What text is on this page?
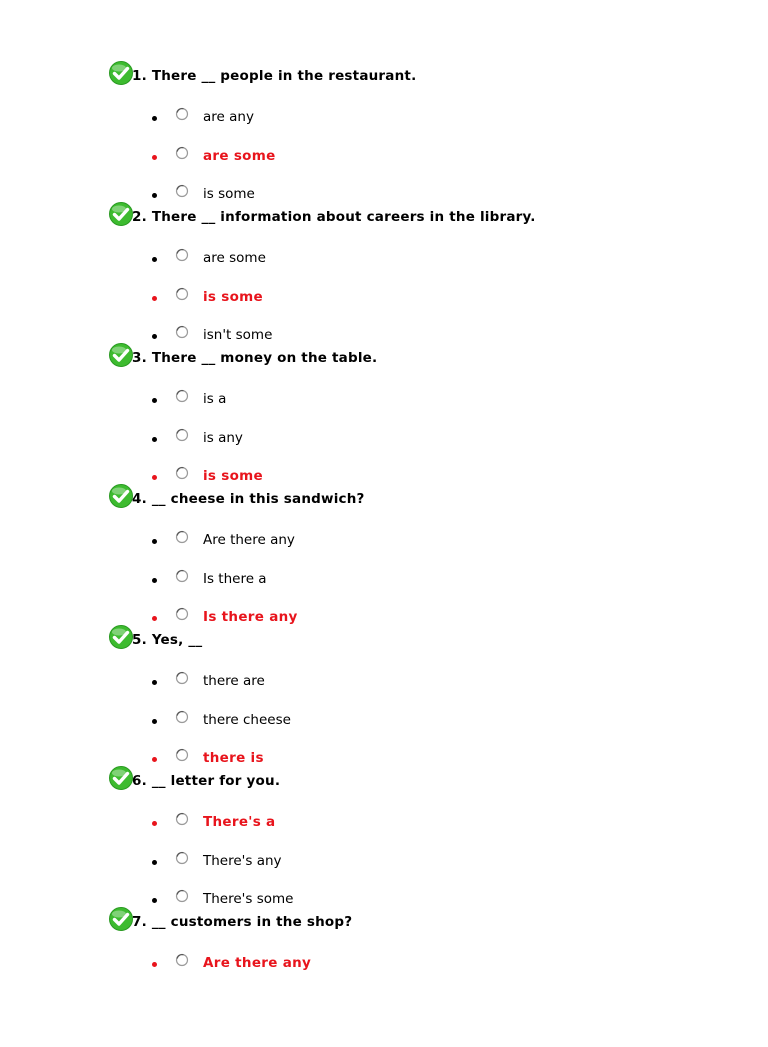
1. There __ people in the restaurant.
are any
are some
is some
2. There __ information about careers in the library.
are some
is some
isn't some
3. There __ money on the table.
is a
is any
is some
4. __ cheese in this sandwich?
Are there any
Is there a
Is there any
5. Yes, __
there are
there cheese
there is
6. __ letter for you.
There's a
There's any
There's some
7. __ customers in the shop?
Are there any
